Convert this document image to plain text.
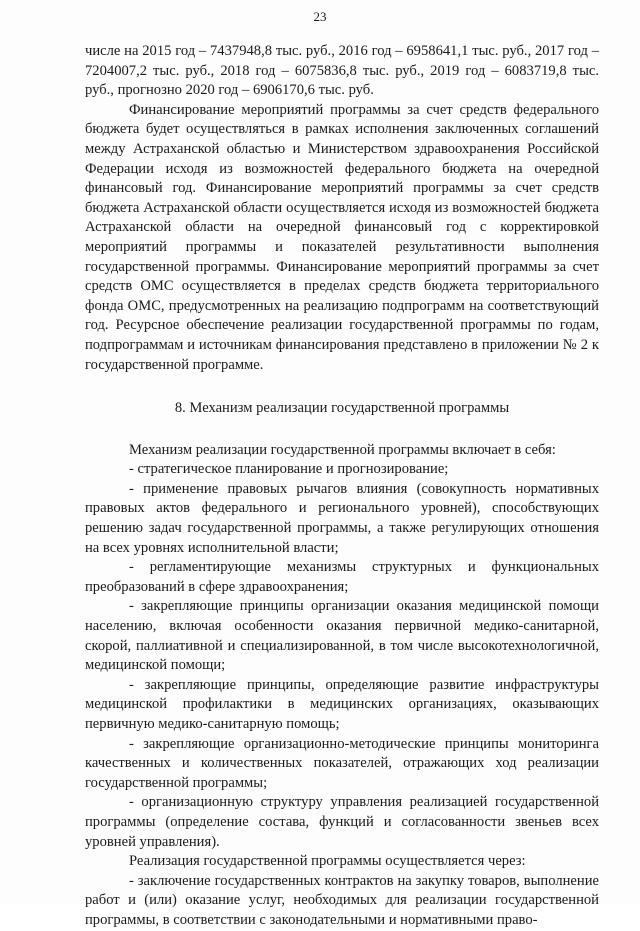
23

числе на 2015 год – 7437948,8 тыс. руб., 2016 год – 6958641,1 тыс. руб., 2017 год – 7204007,2 тыс. руб., 2018 год – 6075836,8 тыс. руб., 2019 год – 6083719,8 тыс. руб., прогнозно 2020 год – 6906170,6 тыс. руб.

Финансирование мероприятий программы за счет средств федерального бюджета будет осуществляться в рамках исполнения заключенных соглашений между Астраханской областью и Министерством здравоохранения Российской Федерации исходя из возможностей федерального бюджета на очередной финансовый год. Финансирование мероприятий программы за счет средств бюджета Астраханской области осуществляется исходя из возможностей бюджета Астраханской области на очередной финансовый год с корректировкой мероприятий программы и показателей результативности выполнения государственной программы. Финансирование мероприятий программы за счет средств ОМС осуществляется в пределах средств бюджета территориального фонда ОМС, предусмотренных на реализацию подпрограмм на соответствующий год. Ресурсное обеспечение реализации государственной программы по годам, подпрограммам и источникам финансирования представлено в приложении № 2 к государственной программе.

8. Механизм реализации государственной программы

Механизм реализации государственной программы включает в себя:

- стратегическое планирование и прогнозирование;

- применение правовых рычагов влияния (совокупность нормативных правовых актов федерального и регионального уровней), способствующих решению задач государственной программы, а также регулирующих отношения на всех уровнях исполнительной власти;

- регламентирующие механизмы структурных и функциональных преобразований в сфере здравоохранения;

- закрепляющие принципы организации оказания медицинской помощи населению, включая особенности оказания первичной медико-санитарной, скорой, паллиативной и специализированной, в том числе высокотехнологичной, медицинской помощи;

- закрепляющие принципы, определяющие развитие инфраструктуры медицинской профилактики в медицинских организациях, оказывающих первичную медико-санитарную помощь;

- закрепляющие организационно-методические принципы мониторинга качественных и количественных показателей, отражающих ход реализации государственной программы;

- организационную структуру управления реализацией государственной программы (определение состава, функций и согласованности звеньев всех уровней управления).

Реализация государственной программы осуществляется через:

- заключение государственных контрактов на закупку товаров, выполнение работ и (или) оказание услуг, необходимых для реализации государственной программы, в соответствии с законодательными и нормативными право-
